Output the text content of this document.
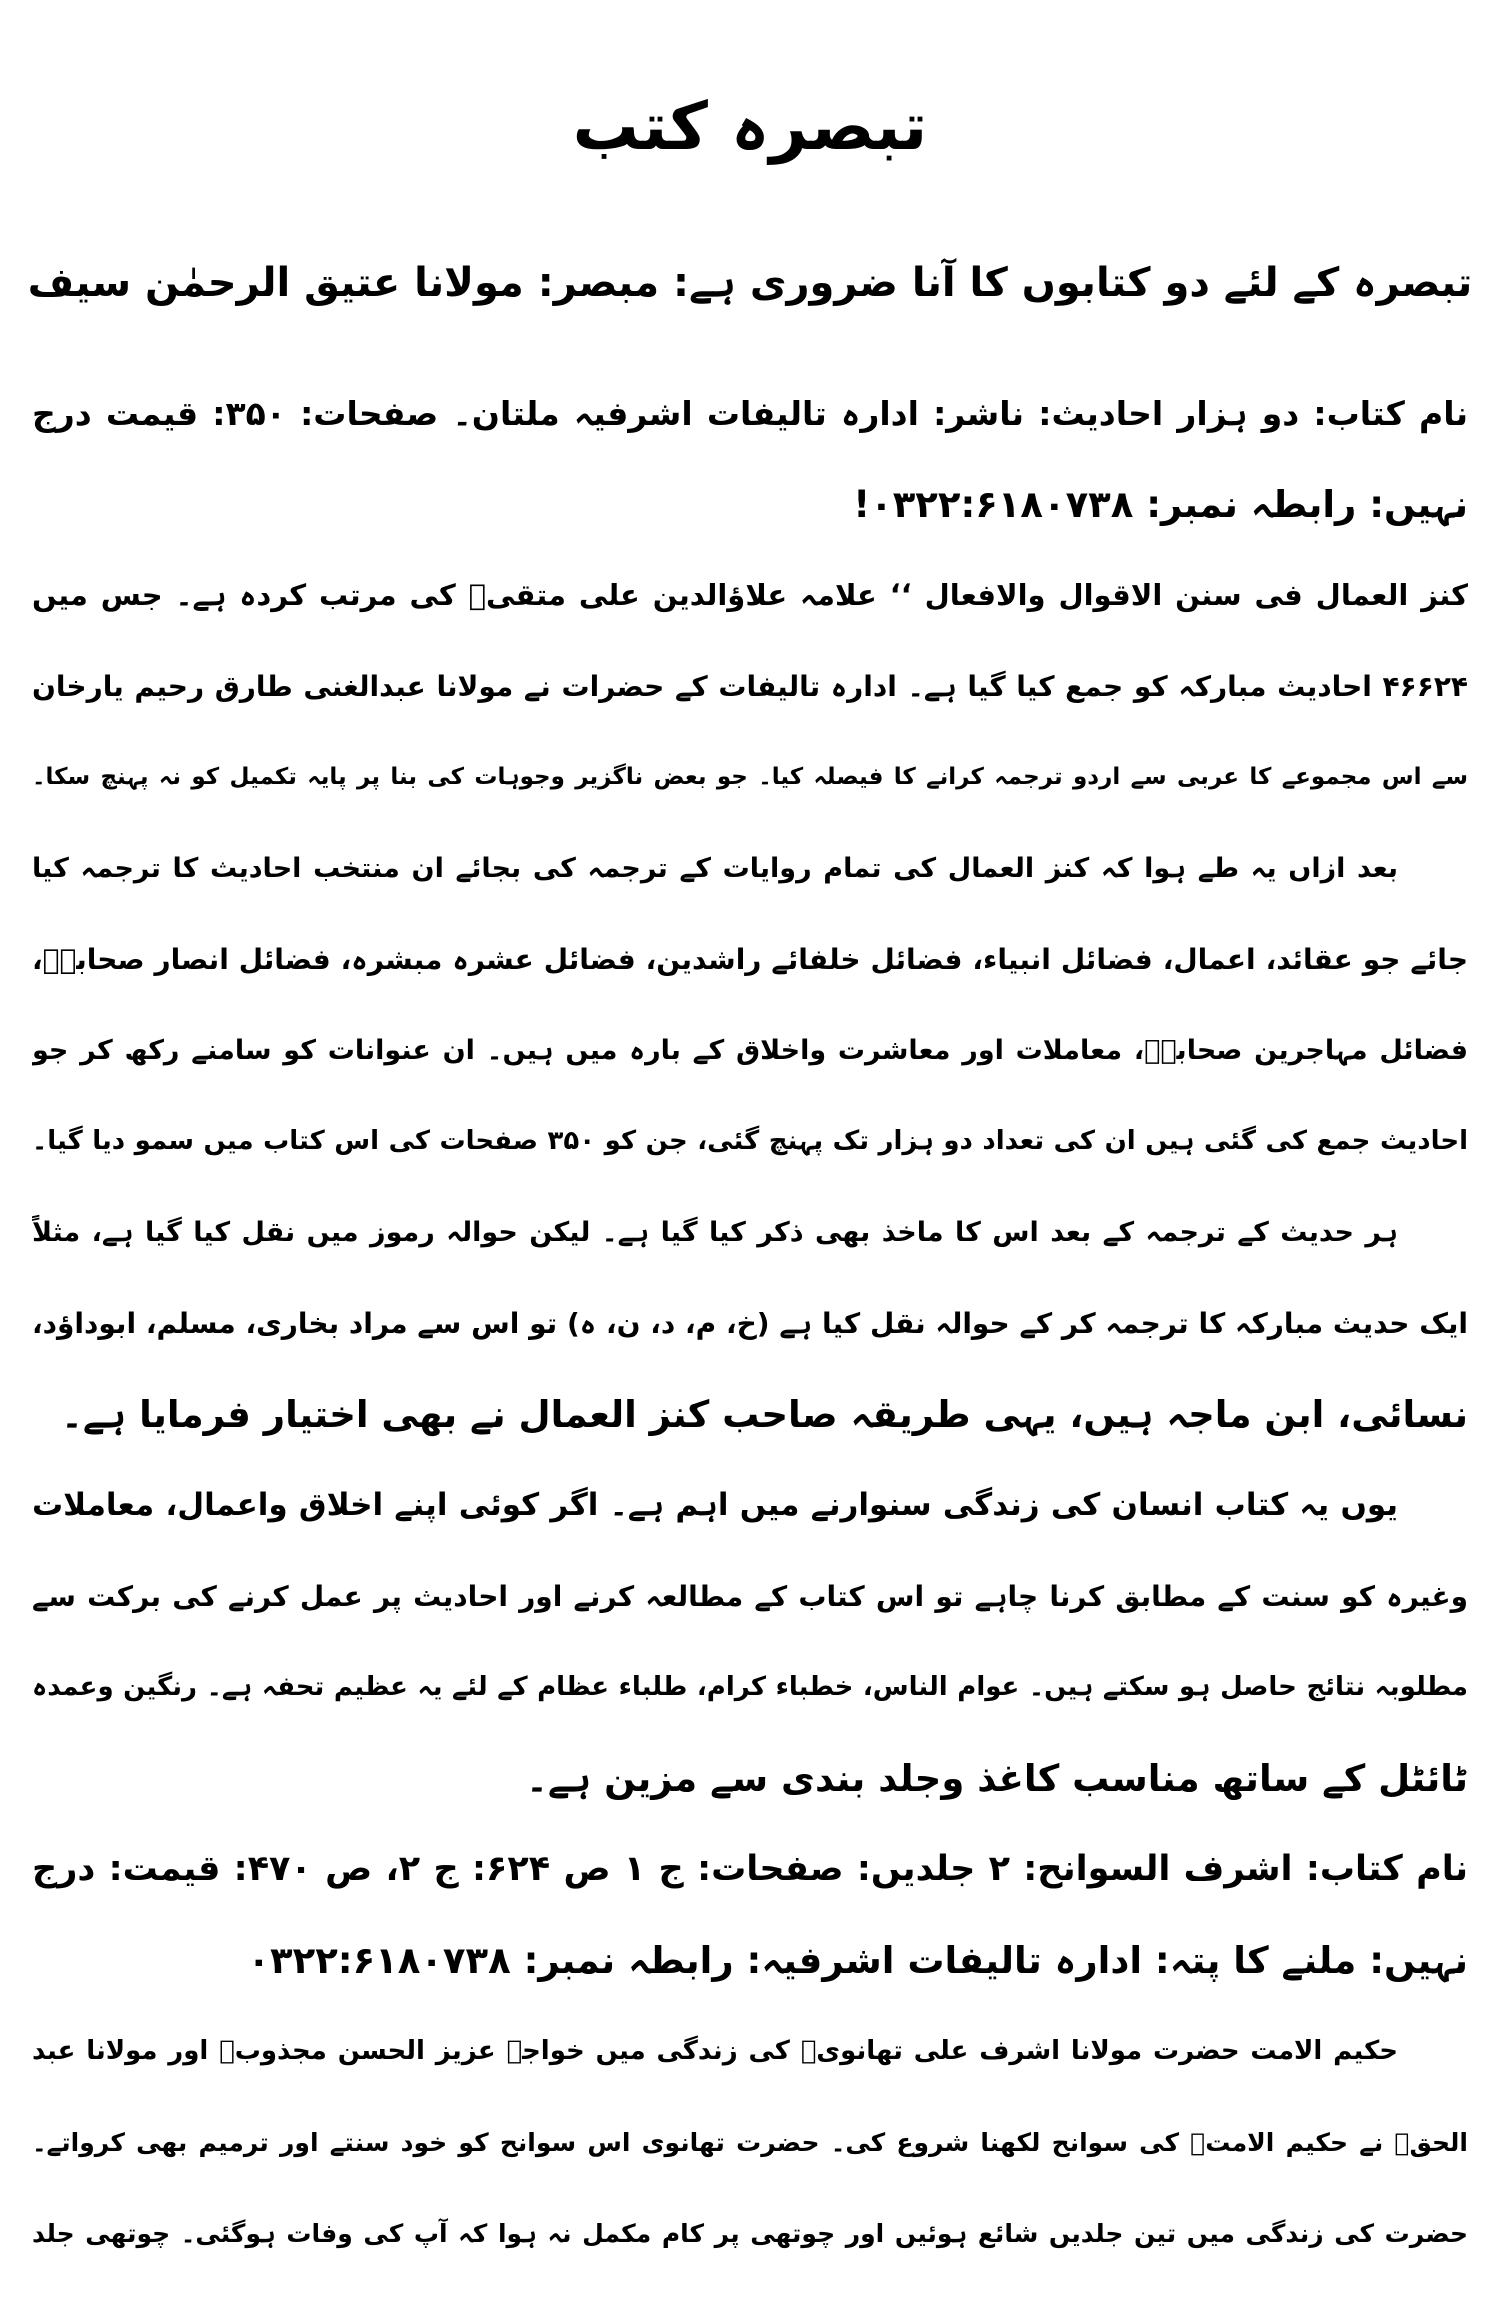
تبصرہ کتب
تبصرہ کے لئے دو کتابوں کا آنا ضروری ہے: مبصر: مولانا عتیق الرحمٰن سیف
نام کتاب: دو ہزار احادیث: ناشر: ادارہ تالیفات اشرفیہ ملتان۔ صفحات: ۳۵۰: قیمت درج
نہیں: رابطہ نمبر: ۰۳۲۲:۶۱۸۰۷۳۸!
کنز العمال فی سنن الاقوال والافعال ‘‘ علامہ علاؤالدین علی متقیؒ کی مرتب کردہ ہے۔ جس میں
۴۶۶۲۴ احادیث مبارکہ کو جمع کیا گیا ہے۔ ادارہ تالیفات کے حضرات نے مولانا عبدالغنی طارق رحیم یارخان
سے اس مجموعے کا عربی سے اردو ترجمہ کرانے کا فیصلہ کیا۔ جو بعض ناگزیر وجوہات کی بنا پر پایہ تکمیل کو نہ پہنچ سکا۔
بعد ازاں یہ طے ہوا کہ کنز العمال کی تمام روایات کے ترجمہ کی بجائے ان منتخب احادیث کا ترجمہ کیا
جائے جو عقائد، اعمال، فضائل انبیاء، فضائل خلفائے راشدین، فضائل عشرہ مبشرہ، فضائل انصار صحابہؓ،
فضائل مہاجرین صحابہؓ، معاملات اور معاشرت واخلاق کے بارہ میں ہیں۔ ان عنوانات کو سامنے رکھ کر جو
احادیث جمع کی گئی ہیں ان کی تعداد دو ہزار تک پہنچ گئی، جن کو ۳۵۰ صفحات کی اس کتاب میں سمو دیا گیا۔
ہر حدیث کے ترجمہ کے بعد اس کا ماخذ بھی ذکر کیا گیا ہے۔ لیکن حوالہ رموز میں نقل کیا گیا ہے، مثلاً
ایک حدیث مبارکہ کا ترجمہ کر کے حوالہ نقل کیا ہے (خ، م، د، ن، ہ) تو اس سے مراد بخاری، مسلم، ابوداؤد،
نسائی، ابن ماجہ ہیں، یہی طریقہ صاحب کنز العمال نے بھی اختیار فرمایا ہے۔
یوں یہ کتاب انسان کی زندگی سنوارنے میں اہم ہے۔ اگر کوئی اپنے اخلاق واعمال، معاملات
وغیرہ کو سنت کے مطابق کرنا چاہے تو اس کتاب کے مطالعہ کرنے اور احادیث پر عمل کرنے کی برکت سے
مطلوبہ نتائج حاصل ہو سکتے ہیں۔ عوام الناس، خطباء کرام، طلباء عظام کے لئے یہ عظیم تحفہ ہے۔ رنگین وعمدہ
ٹائٹل کے ساتھ مناسب کاغذ وجلد بندی سے مزین ہے۔
نام کتاب: اشرف السوانح: ۲ جلدیں: صفحات: ج ۱ ص ۶۲۴: ج ۲، ص ۴۷۰: قیمت: درج
نہیں: ملنے کا پتہ: ادارہ تالیفات اشرفیہ: رابطہ نمبر: ۰۳۲۲:۶۱۸۰۷۳۸
حکیم الامت حضرت مولانا اشرف علی تھانویؒ کی زندگی میں خواجہ عزیز الحسن مجذوبؒ اور مولانا عبد
الحقؒ نے حکیم الامتؒ کی سوانح لکھنا شروع کی۔ حضرت تھانوی اس سوانح کو خود سنتے اور ترمیم بھی کرواتے۔
حضرت کی زندگی میں تین جلدیں شائع ہوئیں اور چوتھی پر کام مکمل نہ ہوا کہ آپ کی وفات ہوگئی۔ چوتھی جلد
